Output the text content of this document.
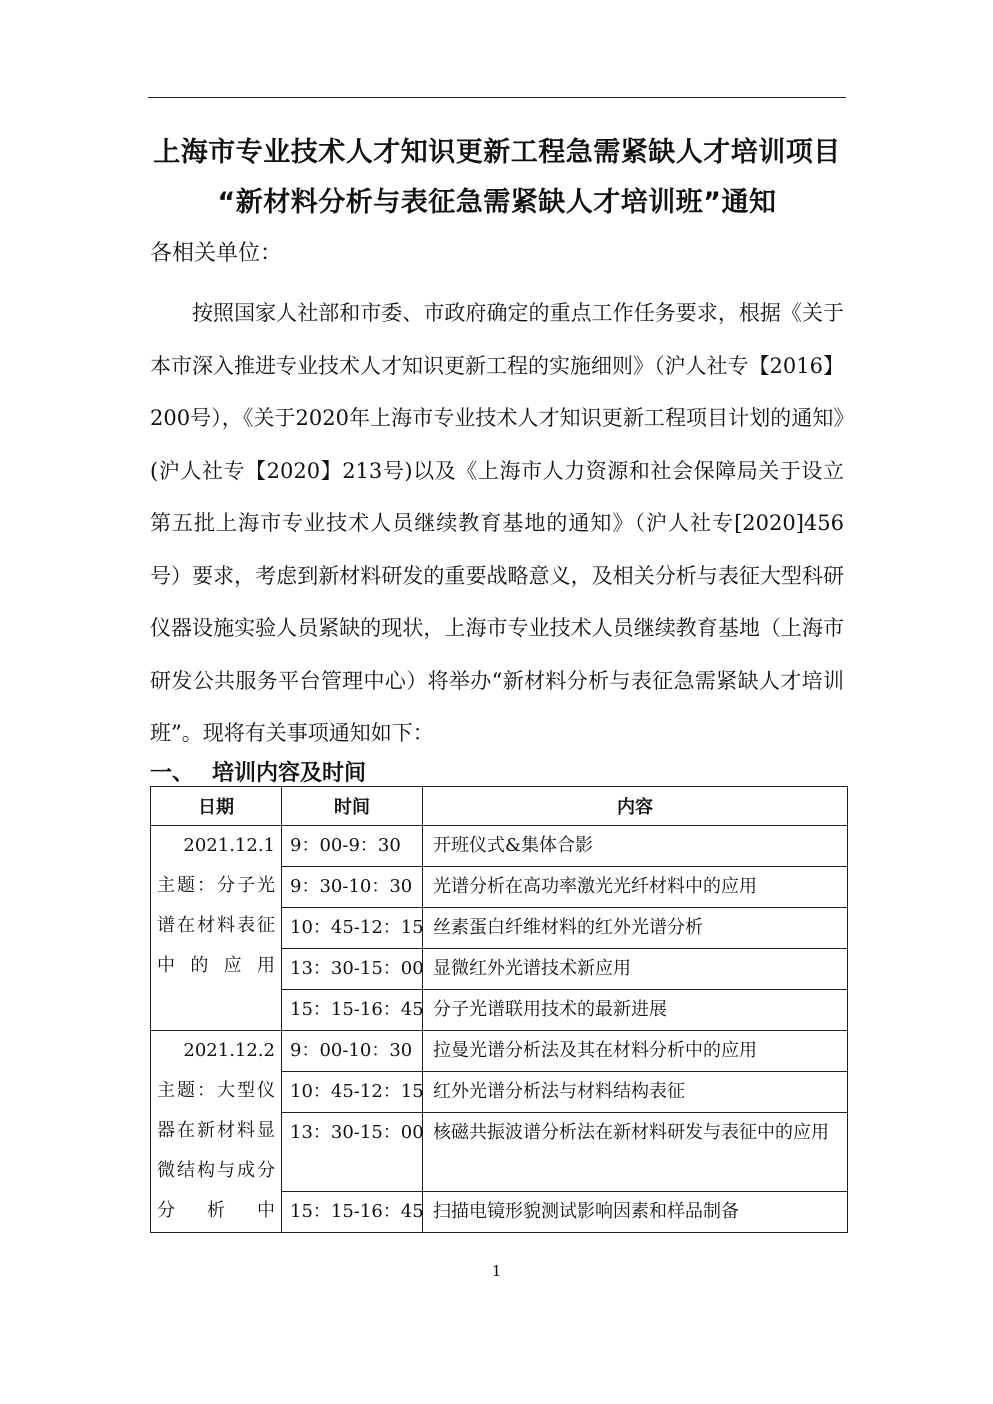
上海市专业技术人才知识更新工程急需紧缺人才培训项目
“新材料分析与表征急需紧缺人才培训班”通知
各相关单位：

按照国家人社部和市委、市政府确定的重点工作任务要求，根据《关于本市深入推进专业技术人才知识更新工程的实施细则》（沪人社专【2016】200号），《关于2020年上海市专业技术人才知识更新工程项目计划的通知》(沪人社专【2020】213号)以及《上海市人力资源和社会保障局关于设立第五批上海市专业技术人员继续教育基地的通知》（沪人社专[2020]456号）要求，考虑到新材料研发的重要战略意义，及相关分析与表征大型科研仪器设施实验人员紧缺的现状，上海市专业技术人员继续教育基地（上海市研发公共服务平台管理中心）将举办“新材料分析与表征急需紧缺人才培训班”。现将有关事项通知如下：

一、 培训内容及时间
日期	时间	内容

2021.12.1
主题：分子光谱在材料表征中的应用	9：00-9：30	开班仪式&集体合影
	9：30-10：30	光谱分析在高功率激光光纤材料中的应用
	10：45-12：15	丝素蛋白纤维材料的红外光谱分析
	13：30-15：00	显微红外光谱技术新应用
	15：15-16：45	分子光谱联用技术的最新进展

2021.12.2
主题：大型仪器在新材料显微结构与成分分析中	9：00-10：30	拉曼光谱分析法及其在材料分析中的应用
	10：45-12：15	红外光谱分析法与材料结构表征
	13：30-15：00	核磁共振波谱分析法在新材料研发与表征中的应用
	15：15-16：45	扫描电镜形貌测试影响因素和样品制备
1
